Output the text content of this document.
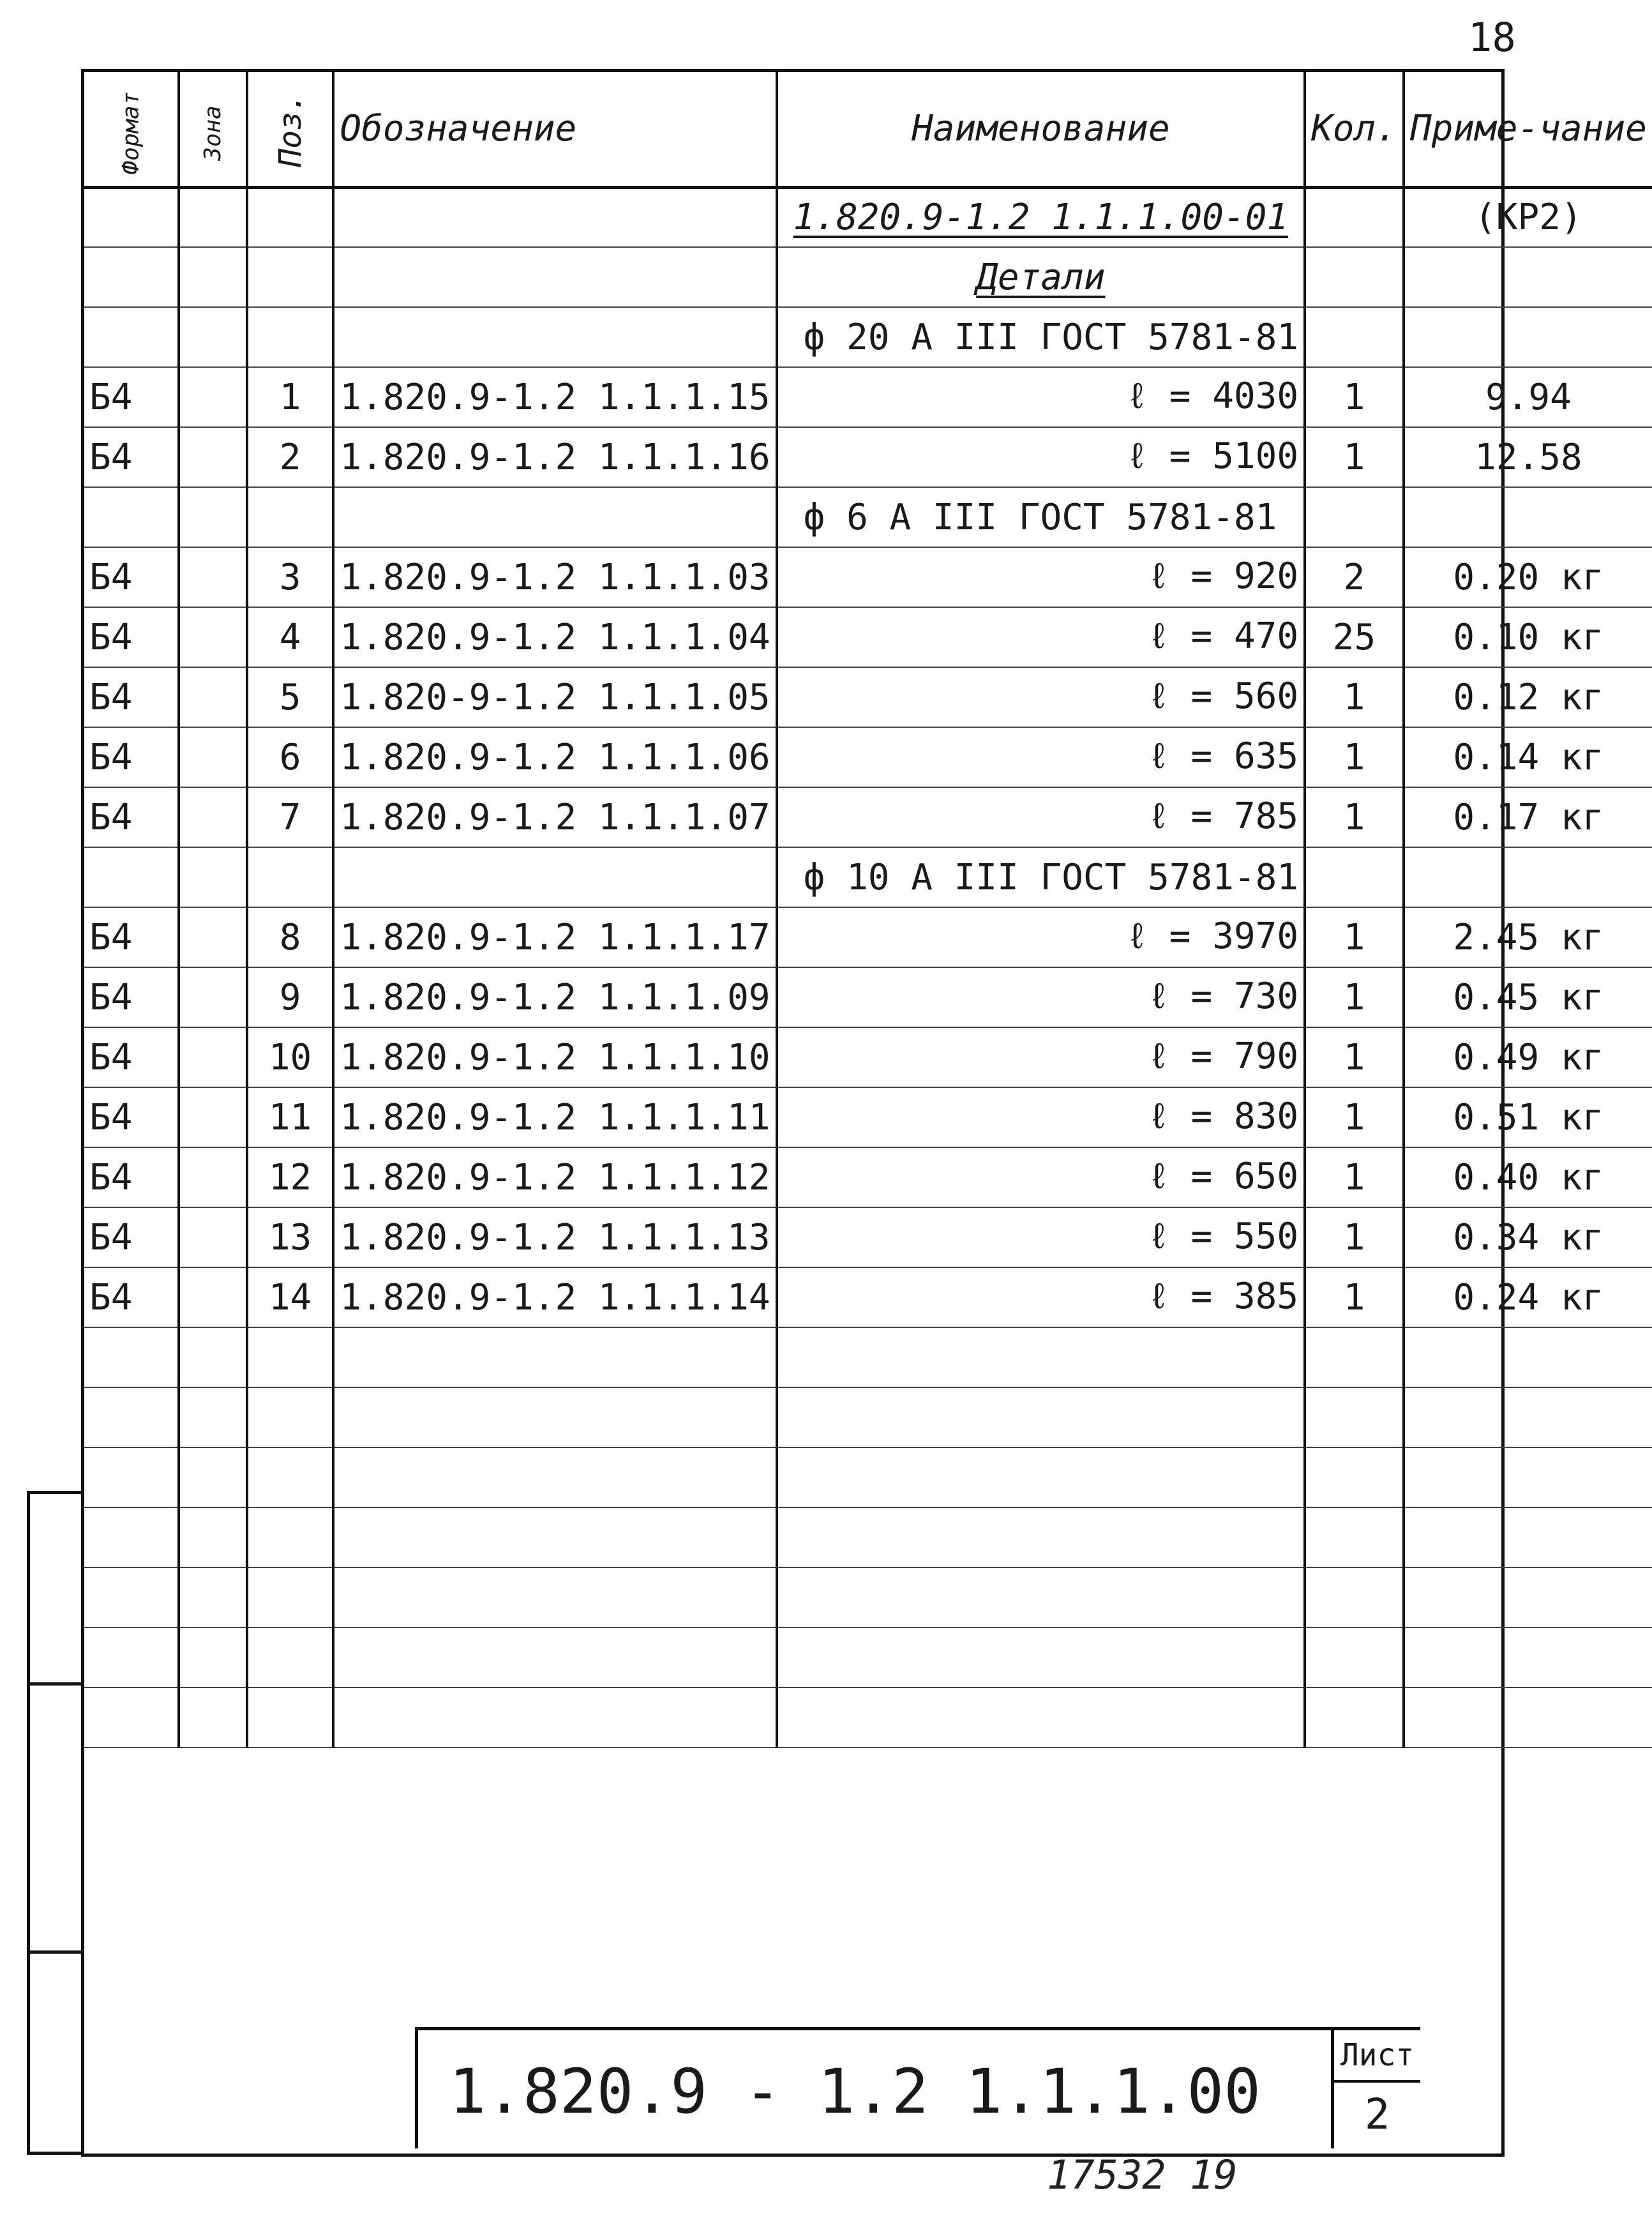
18
Формат	Зона	Поз.	Обозначение	Наименование	Кол.	Приме-чание
				1.820.9-1.2 1.1.1.00-01		(КР2)
				Детали		
				ф 20 А III ГОСТ 5781-81		
Б4		1	1.820.9-1.2 1.1.1.15	ℓ = 4030	1	9.94
Б4		2	1.820.9-1.2 1.1.1.16	ℓ = 5100	1	12.58
				ф 6 А III ГОСТ 5781-81		
Б4		3	1.820.9-1.2 1.1.1.03	ℓ = 920	2	0.20 кг
Б4		4	1.820.9-1.2 1.1.1.04	ℓ = 470	25	0.10 кг
Б4		5	1.820-9-1.2 1.1.1.05	ℓ = 560	1	0.12 кг
Б4		6	1.820.9-1.2 1.1.1.06	ℓ = 635	1	0.14 кг
Б4		7	1.820.9-1.2 1.1.1.07	ℓ = 785	1	0.17 кг
				ф 10 А III ГОСТ 5781-81		
Б4		8	1.820.9-1.2 1.1.1.17	ℓ = 3970	1	2.45 кг
Б4		9	1.820.9-1.2 1.1.1.09	ℓ = 730	1	0.45 кг
Б4		10	1.820.9-1.2 1.1.1.10	ℓ = 790	1	0.49 кг
Б4		11	1.820.9-1.2 1.1.1.11	ℓ = 830	1	0.51 кг
Б4		12	1.820.9-1.2 1.1.1.12	ℓ = 650	1	0.40 кг
Б4		13	1.820.9-1.2 1.1.1.13	ℓ = 550	1	0.34 кг
Б4		14	1.820.9-1.2 1.1.1.14	ℓ = 385	1	0.24 кг

1.820.9 - 1.2 1.1.1.00
Лист
2
17532 19
